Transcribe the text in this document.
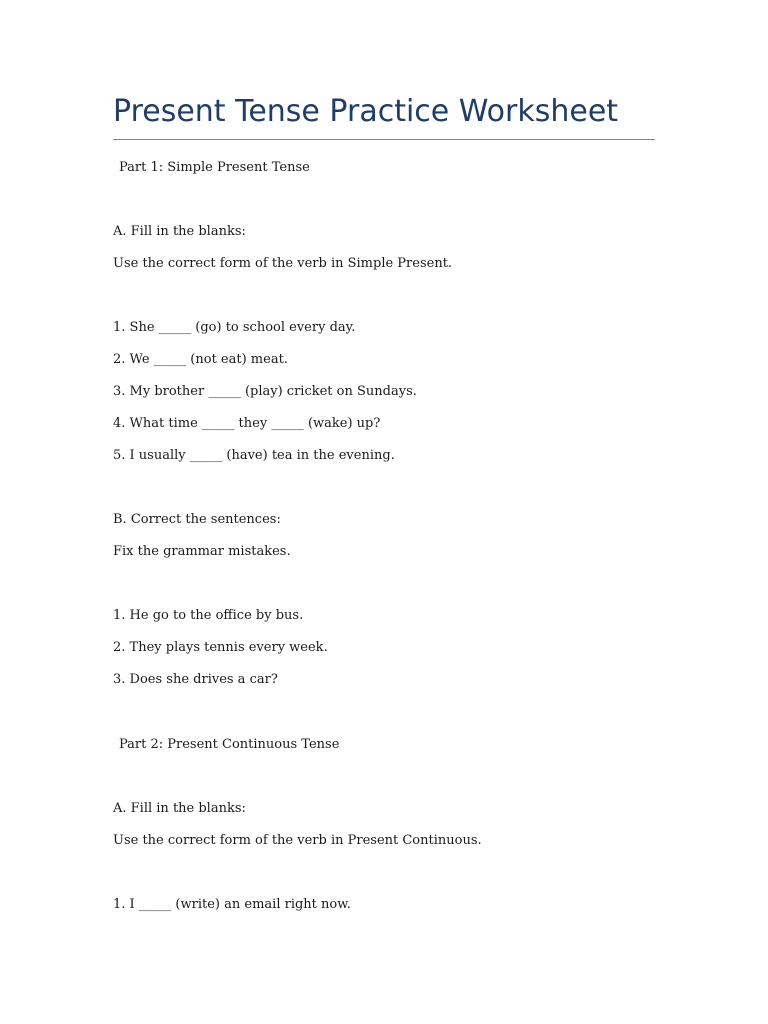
Present Tense Practice Worksheet
Part 1: Simple Present Tense
A. Fill in the blanks:
Use the correct form of the verb in Simple Present.
1. She _____ (go) to school every day.
2. We _____ (not eat) meat.
3. My brother _____ (play) cricket on Sundays.
4. What time _____ they _____ (wake) up?
5. I usually _____ (have) tea in the evening.
B. Correct the sentences:
Fix the grammar mistakes.
1. He go to the office by bus.
2. They plays tennis every week.
3. Does she drives a car?
Part 2: Present Continuous Tense
A. Fill in the blanks:
Use the correct form of the verb in Present Continuous.
1. I _____ (write) an email right now.
